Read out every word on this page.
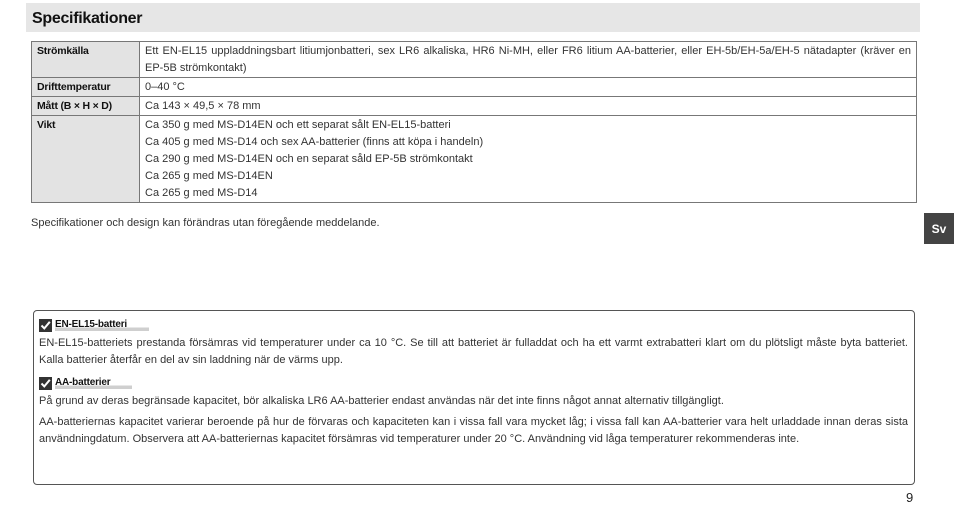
Specifikationer
Strömkälla	Ett EN-EL15 uppladdningsbart litiumjonbatteri, sex LR6 alkaliska, HR6 Ni-MH, eller FR6 litium AA-batterier, eller EH-5b/EH-5a/EH-5 nätadapter (kräver en EP-5B strömkontakt)
Drifttemperatur	0–40 °C
Mått (B × H × D)	Ca 143 × 49,5 × 78 mm
Vikt	Ca 350 g med MS-D14EN och ett separat sålt EN-EL15-batteri
Ca 405 g med MS-D14 och sex AA-batterier (finns att köpa i handeln)
Ca 290 g med MS-D14EN och en separat såld EP-5B strömkontakt
Ca 265 g med MS-D14EN
Ca 265 g med MS-D14
Specifikationer och design kan förändras utan föregående meddelande.	Sv
EN-EL15-batteri

EN-EL15-batteriets prestanda försämras vid temperaturer under ca 10 °C. Se till att batteriet är fulladdat och ha ett varmt extrabatteri klart om du plötsligt måste byta batteriet. Kalla batterier återfår en del av sin laddning när de värms upp.

AA-batterier

På grund av deras begränsade kapacitet, bör alkaliska LR6 AA-batterier endast användas när det inte finns något annat alternativ tillgängligt.

AA-batteriernas kapacitet varierar beroende på hur de förvaras och kapaciteten kan i vissa fall vara mycket låg; i vissa fall kan AA-batterier vara helt urladdade innan deras sista användningdatum. Observera att AA-batteriernas kapacitet försämras vid temperaturer under 20 °C. Användning vid låga temperaturer rekommenderas inte.

9
